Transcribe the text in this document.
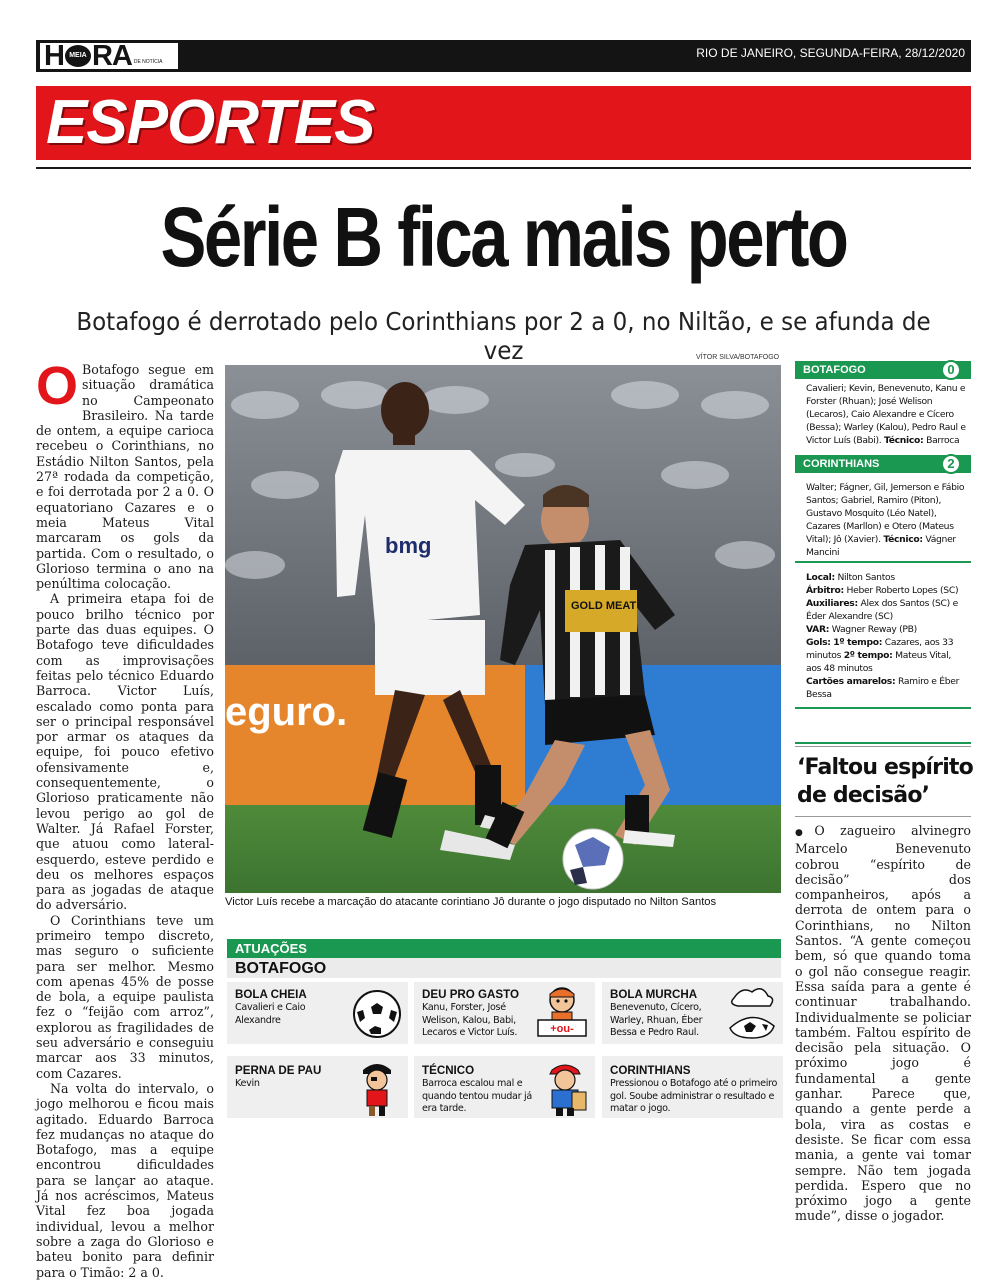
H MEIA RA DE NOTÍCIA
RIO DE JANEIRO, SEGUNDA-FEIRA, 28/12/2020
ESPORTES
Série B fica mais perto
Botafogo é derrotado pelo Corinthians por 2 a 0, no Niltão, e se afunda de vez

O Botafogo segue em situação dramática no Campeonato Brasileiro. Na tarde de ontem, a equipe carioca recebeu o Corinthians, no Estádio Nilton Santos, pela 27ª rodada da competição, e foi derrotada por 2 a 0. O equatoriano Cazares e o meia Mateus Vital marcaram os gols da partida. Com o resultado, o Glorioso termina o ano na penúltima colocação.

A primeira etapa foi de pouco brilho técnico por parte das duas equipes. O Botafogo teve dificuldades com as improvisações feitas pelo técnico Eduardo Barroca. Victor Luís, escalado como ponta para ser o principal responsável por armar os ataques da equipe, foi pouco efetivo ofensivamente e, consequentemente, o Glorioso praticamente não levou perigo ao gol de Walter. Já Rafael Forster, que atuou como lateral-esquerdo, esteve perdido e deu os melhores espaços para as jogadas de ataque do adversário.

O Corinthians teve um primeiro tempo discreto, mas seguro o suficiente para ser melhor. Mesmo com apenas 45% de posse de bola, a equipe paulista fez o “feijão com arroz”, explorou as fragilidades de seu adversário e conseguiu marcar aos 33 minutos, com Cazares.

Na volta do intervalo, o jogo melhorou e ficou mais agitado. Eduardo Barroca fez mudanças no ataque do Botafogo, mas a equipe encontrou dificuldades para se lançar ao ataque. Já nos acréscimos, Mateus Vital fez boa jogada individual, levou a melhor sobre a zaga do Glorioso e bateu bonito para definir para o Timão: 2 a 0.

VÍTOR SILVA/BOTAFOGO
eguro.
bmg
GOLD MEAT
Victor Luís recebe a marcação do atacante corintiano Jô durante o jogo disputado no Nilton Santos
BOTAFOGO	0
Cavalieri; Kevin, Benevenuto, Kanu e Forster (Rhuan); José Welison (Lecaros), Caio Alexandre e Cícero (Bessa); Warley (Kalou), Pedro Raul e Victor Luís (Babi). Técnico: Barroca
CORINTHIANS	2
Walter; Fágner, Gil, Jemerson e Fábio Santos; Gabriel, Ramiro (Piton), Gustavo Mosquito (Léo Natel), Cazares (Marllon) e Otero (Mateus Vital); Jô (Xavier). Técnico: Vágner Mancini
Local: Nilton Santos
Árbitro: Heber Roberto Lopes (SC)
Auxiliares: Alex dos Santos (SC) e Éder Alexandre (SC)
VAR: Wagner Reway (PB)
Gols: 1º tempo: Cazares, aos 33 minutos 2º tempo: Mateus Vital, aos 48 minutos
Cartões amarelos: Ramiro e Éber Bessa
‘Faltou espírito de decisão’
●O zagueiro alvinegro Marcelo Benevenuto cobrou “espírito de decisão” dos companheiros, após a derrota de ontem para o Corinthians, no Nilton Santos. “A gente começou bem, só que quando toma o gol não consegue reagir. Essa saída para a gente é continuar trabalhando. Individualmente se policiar também. Faltou espírito de decisão pela situação. O próximo jogo é fundamental a gente ganhar. Parece que, quando a gente perde a bola, vira as costas e desiste. Se ficar com essa mania, a gente vai tomar sempre. Não tem jogada perdida. Espero que no próximo jogo a gente mude”, disse o jogador.
ATUAÇÕES
BOTAFOGO
BOLA CHEIA
Cavalieri e Caio Alexandre
DEU PRO GASTO
Kanu, Forster, José Welison, Kalou, Babi, Lecaros e Victor Luís.	+ou-
BOLA MURCHA
Benevenuto, Cícero, Warley, Rhuan, Éber Bessa e Pedro Raul.
PERNA DE PAU
Kevin
TÉCNICO
Barroca escalou mal e quando tentou mudar já era tarde.
CORINTHIANS
Pressionou o Botafogo até o primeiro gol. Soube administrar o resultado e matar o jogo.
